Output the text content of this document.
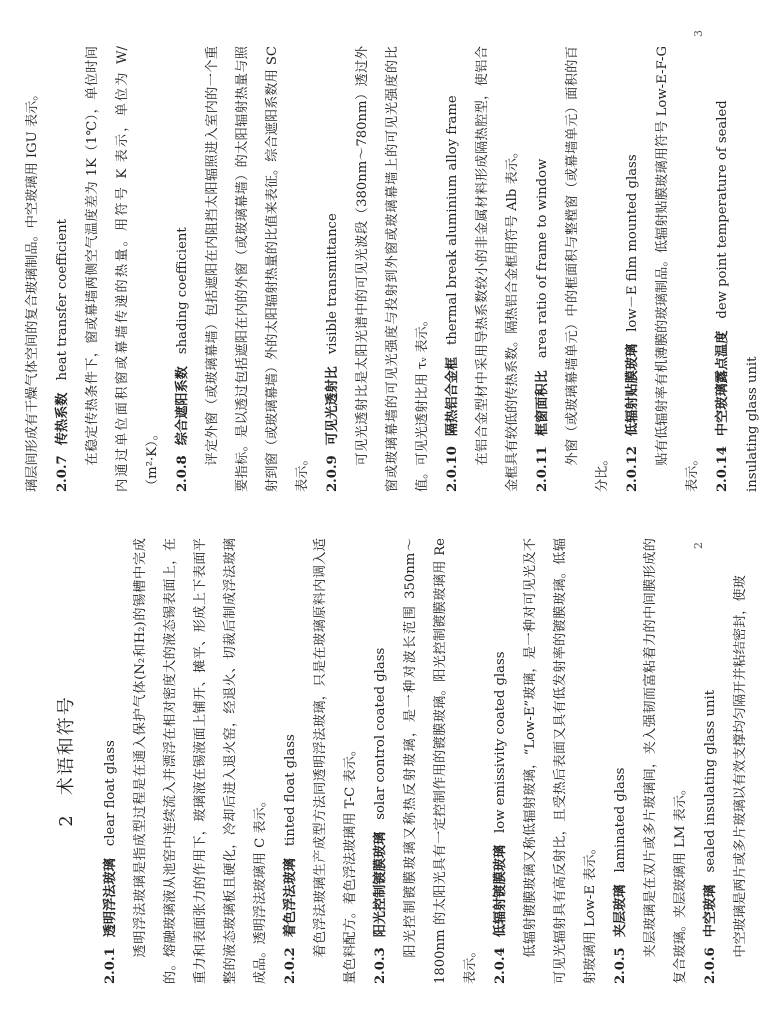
2术语和符号
2.0.1透明浮法玻璃clear float glass	透明浮法玻璃是指成型过程是在通入保护气体(N₂和H₂)的锡槽中完成的。熔融玻璃液从池窑中连续流入并漂浮在相对密度大的液态锡表面上，在重力和表面张力的作用下，玻璃液在锡液面上铺开、摊平、形成上下表面平整的液态玻璃板且硬化，冷却后进入退火窑，经退火、切裁后制成浮法玻璃成品。透明浮法玻璃用 C 表示。	2.0.2着色浮法玻璃tinted float glass	着色浮法玻璃生产成型方法同透明浮法玻璃，只是在玻璃原料内调入适量色料配方。着色浮法玻璃用 T-C 表示。	2.0.3阳光控制镀膜玻璃solar control coated glass	阳光控制镀膜玻璃又称热反射玻璃，是一种对波长范围 350nm～1800nm 的太阳光具有一定控制作用的镀膜玻璃。阳光控制镀膜玻璃用 Re 表示。	2.0.4低辐射镀膜玻璃low emissivity coated glass	低辐射镀膜玻璃又称低辐射玻璃，“Low-E”玻璃，是一种对可见光及不可见光辐射具有高反射比，且受热后表面又具有低发射率的镀膜玻璃。低辐射玻璃用 Low-E 表示。	2.0.5夹层玻璃laminated glass	夹层玻璃是在双片或多片玻璃间，夹入强韧而富粘着力的中间膜形成的复合玻璃。夹层玻璃用 LM 表示。	2.0.6中空玻璃sealed insulating glass unit	中空玻璃是两片或多片玻璃以有效支撑均匀隔开并粘结密封，使玻
2
璃层间形成有干燥气体空间的复合玻璃制品。中空玻璃用 IGU 表示。	2.0.7传热系数heat transfer coefficient	在稳定传热条件下，窗或幕墙两侧空气温度差为 1K（1℃），单位时间内通过单位面积窗或幕墙传递的热量。用符号 K 表示，单位为 W/（m²·K）。	2.0.8综合遮阳系数shading coefficient	评定外窗（或玻璃幕墙）包括遮阳在内阻挡太阳辐照进入室内的一个重要指标。是以透过包括遮阳在内的外窗（或玻璃幕墙）的太阳辐射热量与照射到窗（或玻璃幕墙）外的太阳辐射热量的比值来表征。综合遮阳系数用 SC 表示。	2.0.9可见光透射比visible transmittance	可见光透射比是太阳光谱中的可见光波段（380nm～780nm）透过外窗或玻璃幕墙的可见光强度与投射到外窗或玻璃幕墙上的可见光强度的比值。可见光透射比用 τᵥ 表示。	2.0.10隔热铝合金框thermal break aluminium alloy frame	在铝合金型材中采用导热系数较小的非金属材料形成隔热腔型，使铝合金框具有较低的传热系数。隔热铝合金框用符号 Alb 表示。	2.0.11框窗面积比area ratio of frame to window	外窗（或玻璃幕墙单元）中的框面积与整樘窗（或幕墙单元）面积的百分比。	2.0.12低辐射贴膜玻璃low－E film mounted glass	贴有低辐射率有机薄膜的玻璃制品。低辐射贴膜玻璃用符号 Low-E-F-G 表示。	2.0.14中空玻璃露点温度dew point temperature of sealed insulating glass unit
3
